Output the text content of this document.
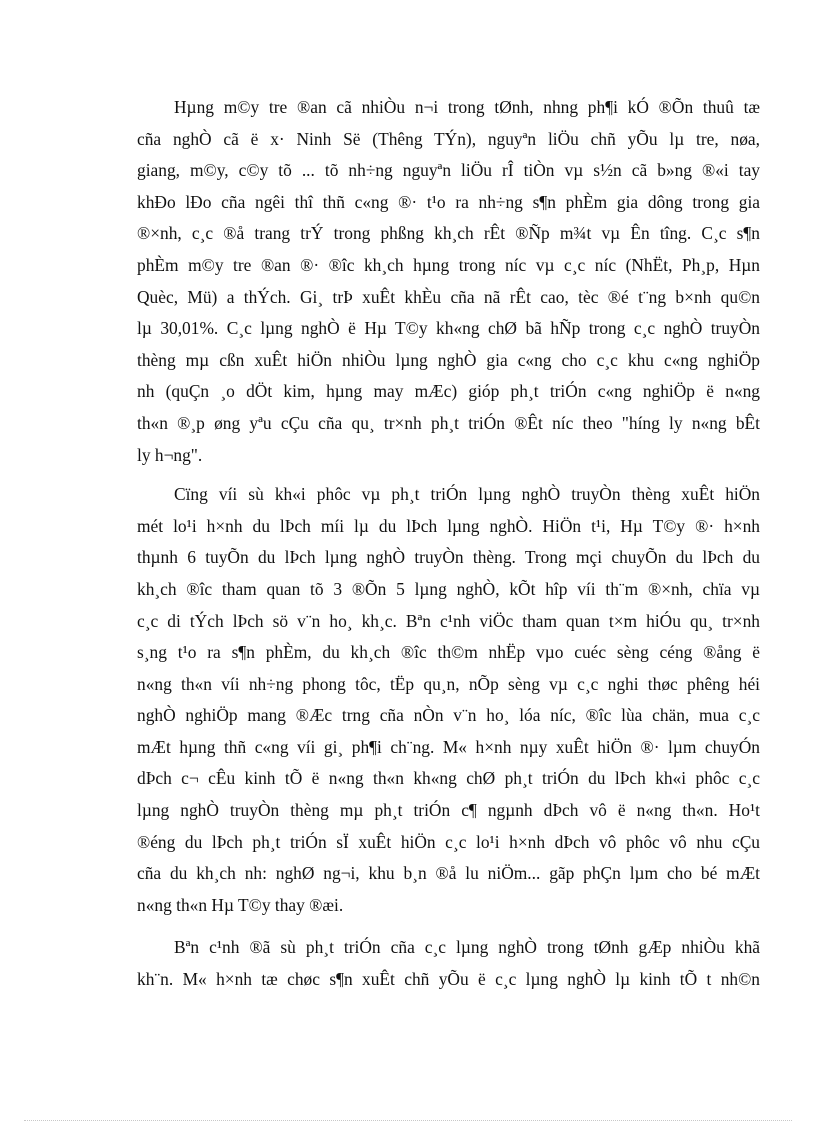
Hµng m©y tre ®an cã nhiÒu n¬i trong tØnh, nhng ph¶i kÓ ®Õn thuû tæ
cña nghÒ cã ë x· Ninh Së (Thêng TÝn), nguyªn liÖu chñ yÕu lµ tre, nøa,
giang, m©y, c©y tõ ... tõ nh÷ng nguyªn liÖu rÎ tiÒn vµ s½n cã b»ng ®«i tay
khÐo lÐo cña ngêi thî thñ c«ng ®· t¹o ra nh÷ng s¶n phÈm gia dông trong gia
®×nh, c¸c ®å trang trÝ trong phßng kh¸ch rÊt ®Ñp m¾t vµ Ên tîng. C¸c s¶n
phÈm m©y tre ®an ®· ®îc kh¸ch hµng trong níc vµ c¸c níc (NhËt, Ph¸p, Hµn
Quèc, Mü) a thÝch. Gi¸ trÞ xuÊt khÈu cña nã rÊt cao, tèc ®é t¨ng b×nh qu©n
lµ 30,01%. C¸c lµng nghÒ ë Hµ T©y kh«ng chØ bã hÑp trong c¸c nghÒ truyÒn
thèng mµ cßn xuÊt hiÖn nhiÒu lµng nghÒ gia c«ng cho c¸c khu c«ng nghiÖp
nh (quÇn ¸o dÖt kim, hµng may mÆc) gióp ph¸t triÓn c«ng nghiÖp ë n«ng
th«n ®¸p øng yªu cÇu cña qu¸ tr×nh ph¸t triÓn ®Êt níc theo "híng ly n«ng bÊt
ly h¬ng".
Cïng víi sù kh«i phôc vµ ph¸t triÓn lµng nghÒ truyÒn thèng xuÊt hiÖn
mét lo¹i h×nh du lÞch míi lµ du lÞch lµng nghÒ. HiÖn t¹i, Hµ T©y ®· h×nh
thµnh 6 tuyÕn du lÞch lµng nghÒ truyÒn thèng. Trong mçi chuyÕn du lÞch du
kh¸ch ®îc tham quan tõ 3 ®Õn 5 lµng nghÒ, kÕt hîp víi th¨m ®×nh, chïa vµ
c¸c di tÝch lÞch sö v¨n ho¸ kh¸c. Bªn c¹nh viÖc tham quan t×m hiÓu qu¸ tr×nh
s¸ng t¹o ra s¶n phÈm, du kh¸ch ®îc th©m nhËp vµo cuéc sèng céng ®ång ë
n«ng th«n víi nh÷ng phong tôc, tËp qu¸n, nÕp sèng vµ c¸c nghi thøc phêng héi
nghÒ nghiÖp mang ®Æc trng cña nÒn v¨n ho¸ lóa níc, ®îc lùa chän, mua c¸c
mÆt hµng thñ c«ng víi gi¸ ph¶i ch¨ng. M« h×nh nµy xuÊt hiÖn ®· lµm chuyÓn
dÞch c¬ cÊu kinh tÕ ë n«ng th«n kh«ng chØ ph¸t triÓn du lÞch kh«i phôc c¸c
lµng nghÒ truyÒn thèng mµ ph¸t triÓn c¶ ngµnh dÞch vô ë n«ng th«n. Ho¹t
®éng du lÞch ph¸t triÓn sÏ xuÊt hiÖn c¸c lo¹i h×nh dÞch vô phôc vô nhu cÇu
cña du kh¸ch nh: nghØ ng¬i, khu b¸n ®å lu niÖm... gãp phÇn lµm cho bé mÆt
n«ng th«n Hµ T©y thay ®æi.
Bªn c¹nh ®ã sù ph¸t triÓn cña c¸c lµng nghÒ trong tØnh gÆp nhiÒu khã
kh¨n. M« h×nh tæ chøc s¶n xuÊt chñ yÕu ë c¸c lµng nghÒ lµ kinh tÕ t nh©n
